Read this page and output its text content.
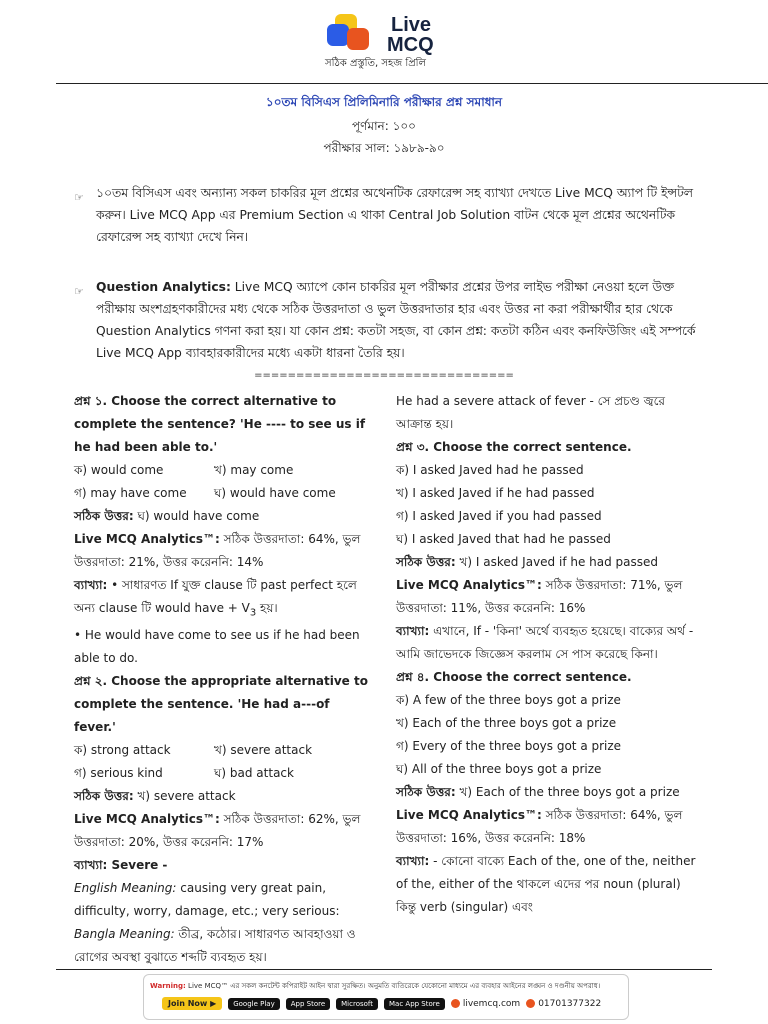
Live
MCQ
সঠিক প্রস্তুতি, সহজ প্রিলি
১০তম বিসিএস প্রিলিমিনারি পরীক্ষার প্রশ্ন সমাধান
পূর্ণমান: ১০০
পরীক্ষার সাল: ১৯৮৯-৯০
☞ ১০তম বিসিএস এবং অন্যান্য সকল চাকরির মূল প্রশ্নের অথেনটিক রেফারেন্স সহ ব্যাখ্যা দেখতে Live MCQ অ্যাপ টি ইন্সটল করুন। Live MCQ App এর Premium Section এ থাকা Central Job Solution বাটন থেকে মূল প্রশ্নের অথেনটিক রেফারেন্স সহ ব্যাখ্যা দেখে নিন।
☞ Question Analytics: Live MCQ অ্যাপে কোন চাকরির মূল পরীক্ষার প্রশ্নের উপর লাইভ পরীক্ষা নেওয়া হলে উক্ত পরীক্ষায় অংশগ্রহণকারীদের মধ্য থেকে সঠিক উত্তরদাতা ও ভুল উত্তরদাতার হার এবং উত্তর না করা পরীক্ষার্থীর হার থেকে Question Analytics গণনা করা হয়। যা কোন প্রশ্ন: কতটা সহজ, বা কোন প্রশ্ন: কতটা কঠিন এবং কনফিউজিং এই সম্পর্কে Live MCQ App ব্যাবহারকারীদের মধ্যে একটা ধারনা তৈরি হয়।
===============================
প্রশ্ন ১. Choose the correct alternative to complete the sentence? 'He ---- to see us if he had been able to.'
ক) would come	খ) may come
গ) may have come	ঘ) would have come
সঠিক উত্তর: ঘ) would have come
Live MCQ Analytics™: সঠিক উত্তরদাতা: 64%, ভুল উত্তরদাতা: 21%, উত্তর করেননি: 14%
ব্যাখ্যা: • সাধারণত If যুক্ত clause টি past perfect হলে অন্য clause টি would have + $V_3$ হয়।
• He would have come to see us if he had been able to do.
প্রশ্ন ২. Choose the appropriate alternative to complete the sentence. 'He had a---of fever.'
ক) strong attack	খ) severe attack
গ) serious kind	ঘ) bad attack
সঠিক উত্তর: খ) severe attack
Live MCQ Analytics™: সঠিক উত্তরদাতা: 62%, ভুল উত্তরদাতা: 20%, উত্তর করেননি: 17%
ব্যাখ্যা: Severe -
English Meaning: causing very great pain, difficulty, worry, damage, etc.; very serious:
Bangla Meaning: তীব্র, কঠোর। সাধারণত আবহাওয়া ও রোগের অবস্থা বুঝাতে শব্দটি ব্যবহৃত হয়।
He had a severe attack of fever - সে প্রচণ্ড জ্বরে আক্রান্ত হয়।
প্রশ্ন ৩. Choose the correct sentence.
ক) I asked Javed had he passed
খ) I asked Javed if he had passed
গ) I asked Javed if you had passed
ঘ) I asked Javed that had he passed
সঠিক উত্তর: খ) I asked Javed if he had passed
Live MCQ Analytics™: সঠিক উত্তরদাতা: 71%, ভুল উত্তরদাতা: 11%, উত্তর করেননি: 16%
ব্যাখ্যা: এখানে, If - 'কিনা' অর্থে ব্যবহৃত হয়েছে। বাক্যের অর্থ - আমি জাভেদকে জিজ্ঞেস করলাম সে পাস করেছে কিনা।
প্রশ্ন ৪. Choose the correct sentence.
ক) A few of the three boys got a prize
খ) Each of the three boys got a prize
গ) Every of the three boys got a prize
ঘ) All of the three boys got a prize
সঠিক উত্তর: খ) Each of the three boys got a prize
Live MCQ Analytics™: সঠিক উত্তরদাতা: 64%, ভুল উত্তরদাতা: 16%, উত্তর করেননি: 18%
ব্যাখ্যা: - কোনো বাক্যে Each of the, one of the, neither of the, either of the থাকলে এদের পর noun (plural) কিন্তু verb (singular) এবং
Warning: Live MCQ™ এর সকল কনটেন্ট কপিরাইট আইন দ্বারা সুরক্ষিত। অনুমতি ব্যতিরেকে যেকোনো মাধ্যমে এর ব্যবহার আইনের লঙ্ঘন ও দণ্ডনীয় অপরাধ।
Join Now ▶	Google Play	App Store	Microsoft	Mac App Store	livemcq.com 01701377322
